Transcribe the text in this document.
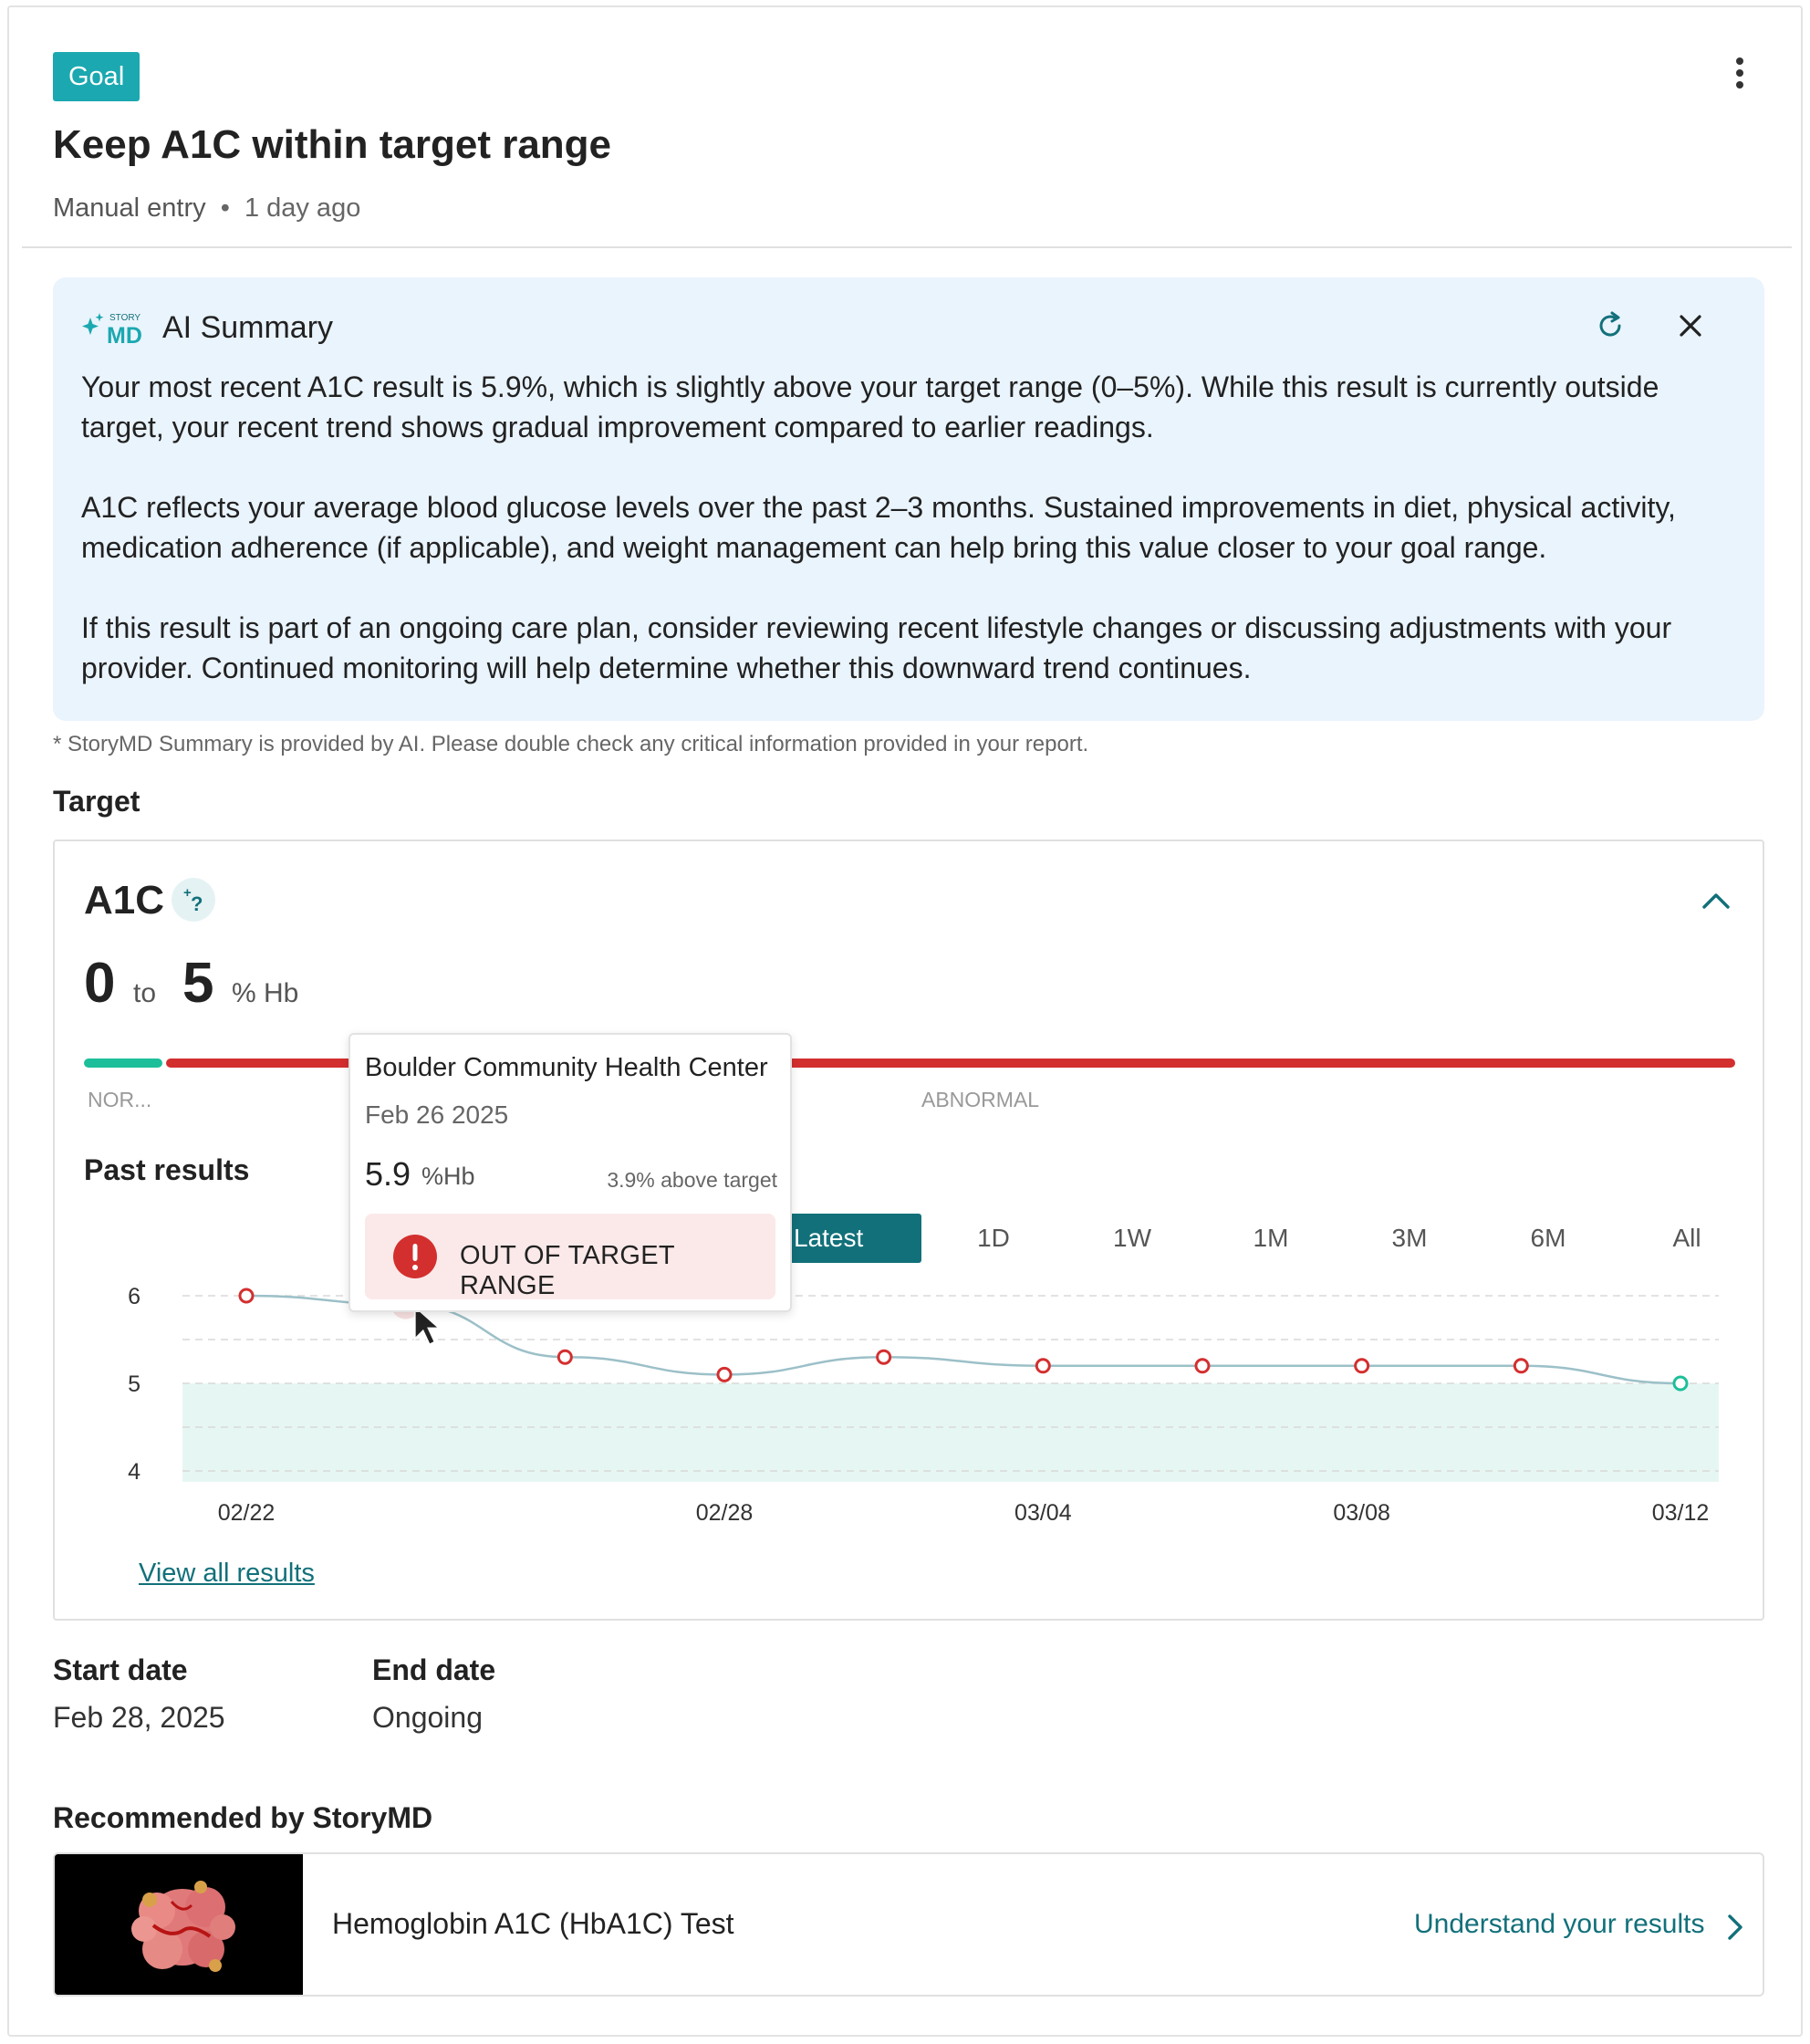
Goal
Keep A1C within target range
Manual entry • 1 day ago
STORY
MD AI Summary

Your most recent A1C result is 5.9%, which is slightly above your target range (0–5%). While this result is currently outside target, your recent trend shows gradual improvement compared to earlier readings.

A1C reflects your average blood glucose levels over the past 2–3 months. Sustained improvements in diet, physical activity, medication adherence (if applicable), and weight management can help bring this value closer to your goal range.

If this result is part of an ongoing care plan, consider reviewing recent lifestyle changes or discussing adjustments with your provider. Continued monitoring will help determine whether this downward trend continues.

* StoryMD Summary is provided by AI. Please double check any critical information provided in your report.
Target
A1C + ?
0 to 5 % Hb
NOR...	ABNORMAL
Past results
Latest	1D	1W	1M	3M	6M	All
6
5
4
02/22	02/28	03/04	03/08	03/12
View all results
Boulder Community Health Center
Feb 26 2025
5.9 %Hb	3.9% above target
OUT OF TARGET RANGE
Start date
Feb 28, 2025
End date
Ongoing
Recommended by StoryMD
Hemoglobin A1C (HbA1C) Test	Understand your results
